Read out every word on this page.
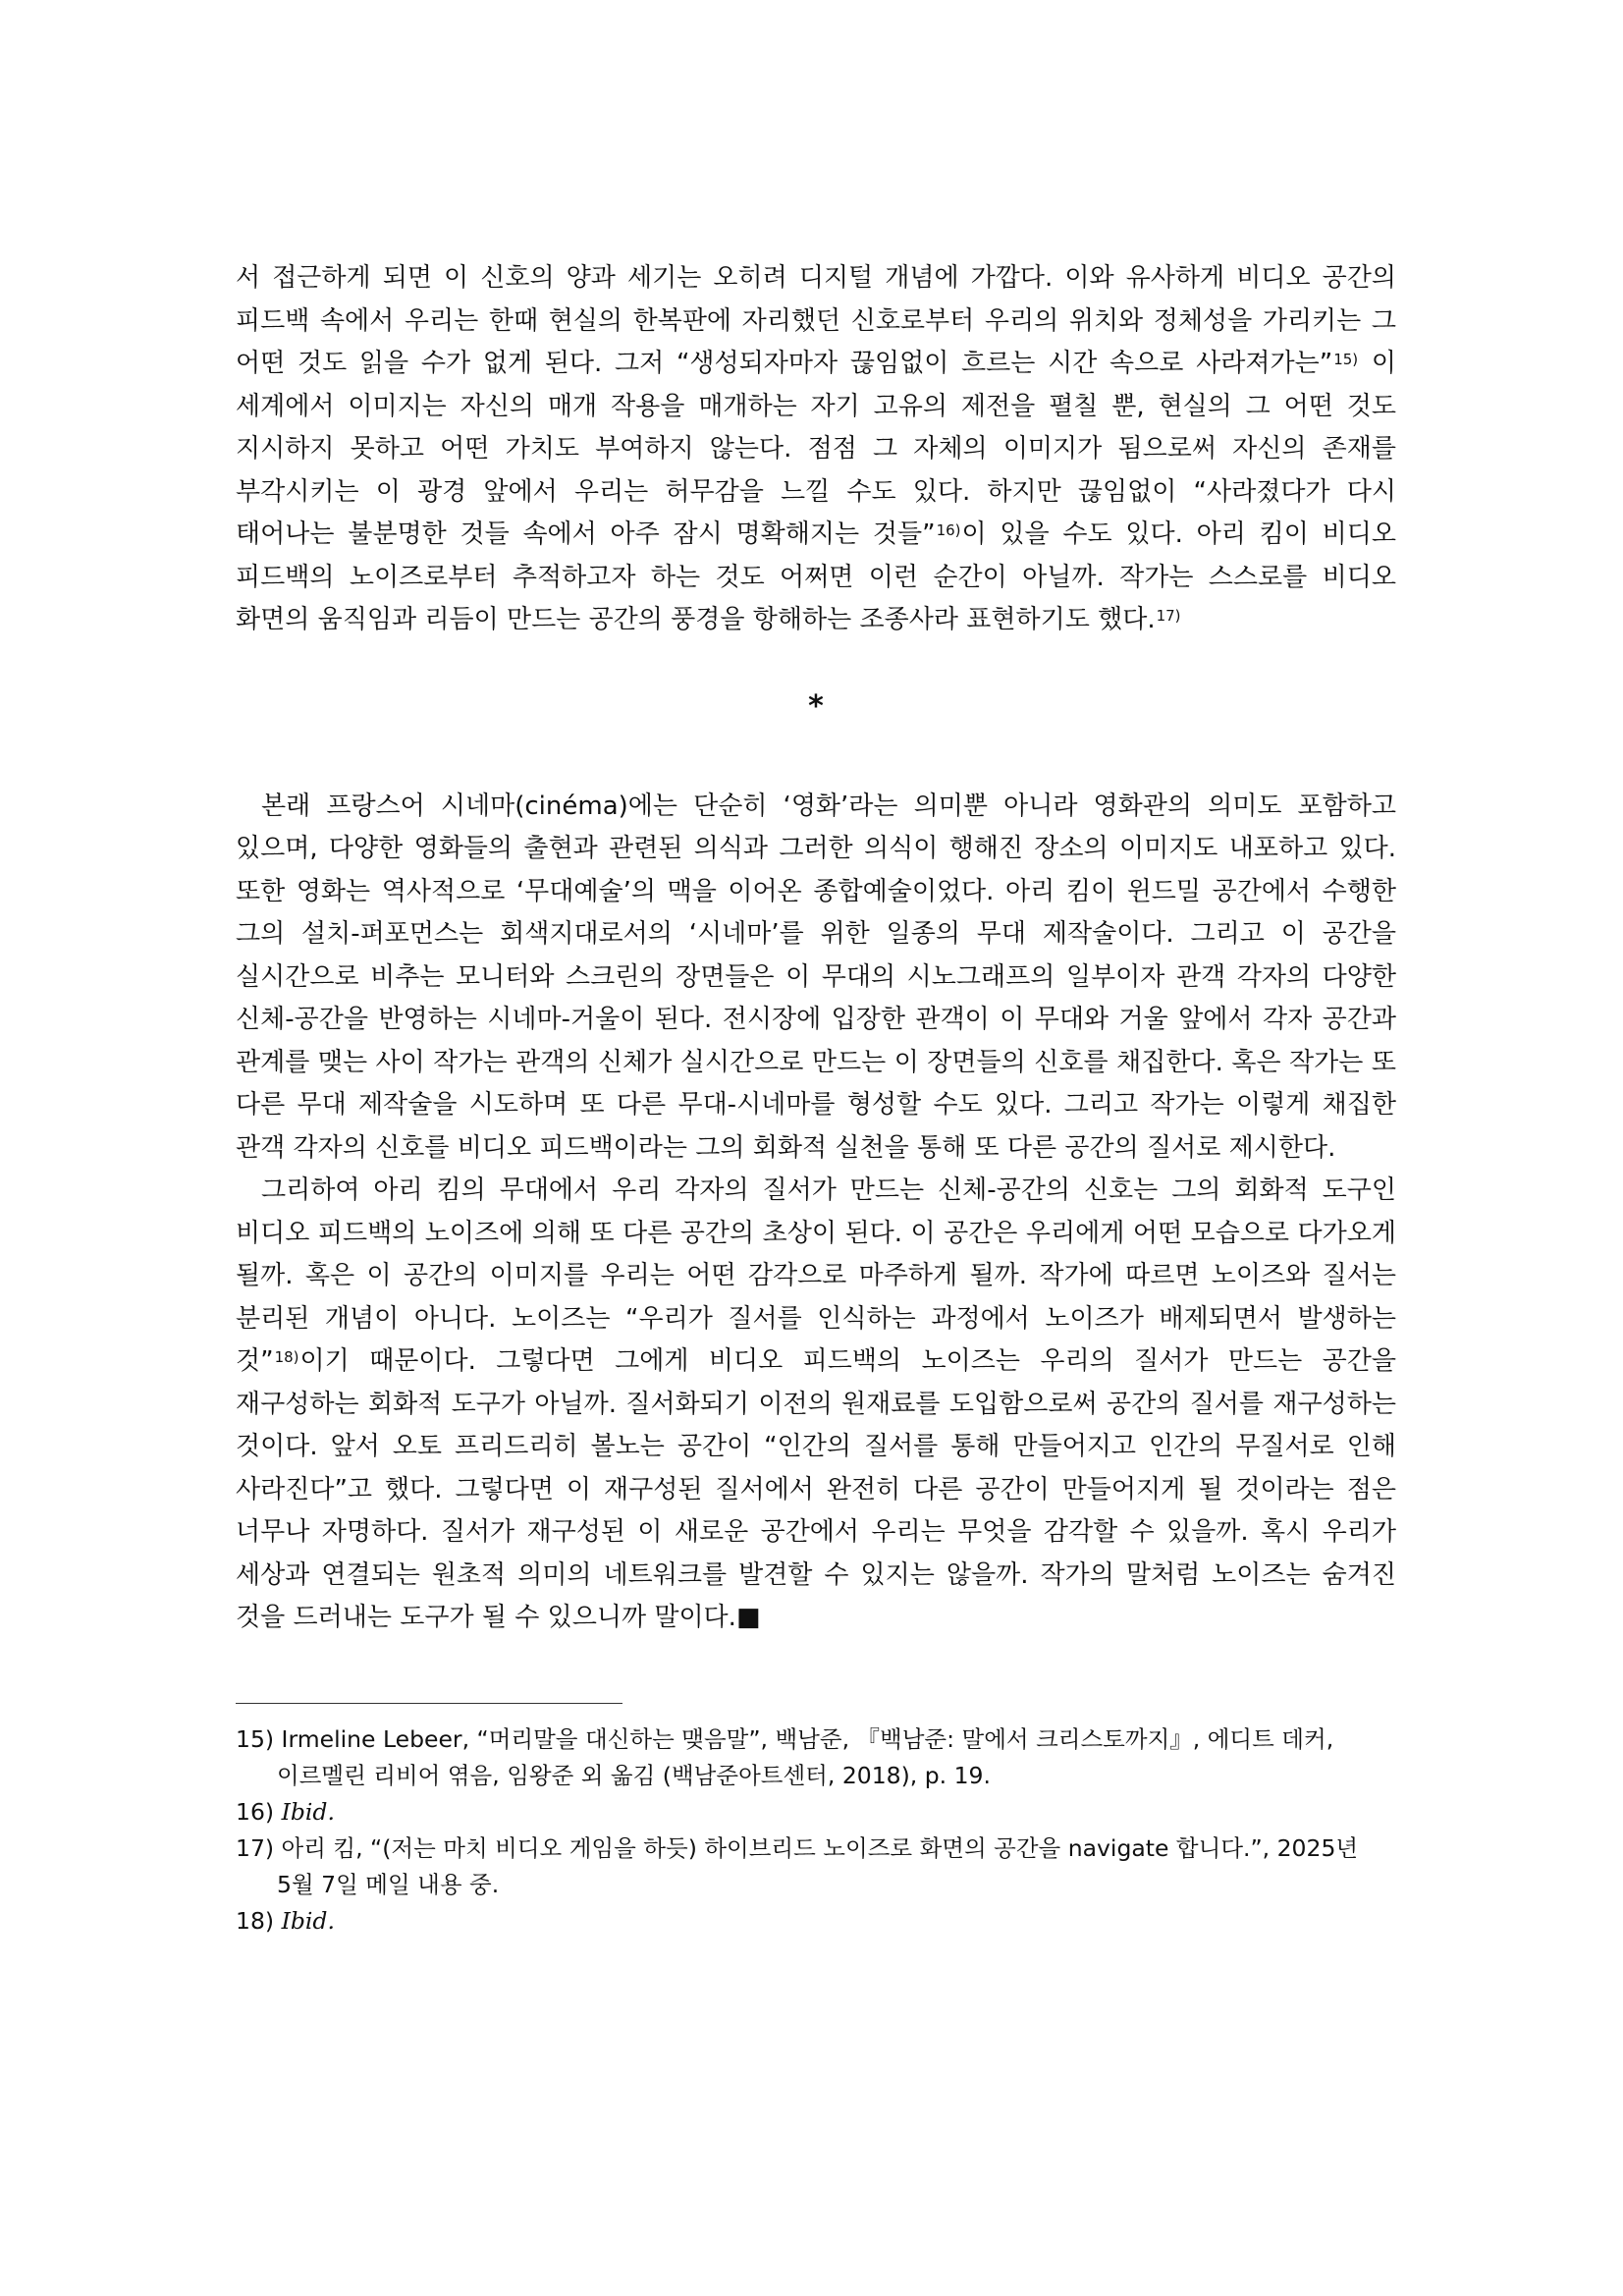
서 접근하게 되면 이 신호의 양과 세기는 오히려 디지털 개념에 가깝다. 이와 유사하게 비디오 공간의 피드백 속에서 우리는 한때 현실의 한복판에 자리했던 신호로부터 우리의 위치와 정체성을 가리키는 그 어떤 것도 읽을 수가 없게 된다. 그저 “생성되자마자 끊임없이 흐르는 시간 속으로 사라져가는”$^{15)}$ 이 세계에서 이미지는 자신의 매개 작용을 매개하는 자기 고유의 제전을 펼칠 뿐, 현실의 그 어떤 것도 지시하지 못하고 어떤 가치도 부여하지 않는다. 점점 그 자체의 이미지가 됨으로써 자신의 존재를 부각시키는 이 광경 앞에서 우리는 허무감을 느낄 수도 있다. 하지만 끊임없이 “사라졌다가 다시 태어나는 불분명한 것들 속에서 아주 잠시 명확해지는 것들”$^{16)}$이 있을 수도 있다. 아리 킴이 비디오 피드백의 노이즈로부터 추적하고자 하는 것도 어쩌면 이런 순간이 아닐까. 작가는 스스로를 비디오 화면의 움직임과 리듬이 만드는 공간의 풍경을 항해하는 조종사라 표현하기도 했다.$^{17)}$

*

본래 프랑스어 시네마(cinéma)에는 단순히 ‘영화’라는 의미뿐 아니라 영화관의 의미도 포함하고 있으며, 다양한 영화들의 출현과 관련된 의식과 그러한 의식이 행해진 장소의 이미지도 내포하고 있다. 또한 영화는 역사적으로 ‘무대예술’의 맥을 이어온 종합예술이었다. 아리 킴이 윈드밀 공간에서 수행한 그의 설치-퍼포먼스는 회색지대로서의 ‘시네마’를 위한 일종의 무대 제작술이다. 그리고 이 공간을 실시간으로 비추는 모니터와 스크린의 장면들은 이 무대의 시노그래프의 일부이자 관객 각자의 다양한 신체-공간을 반영하는 시네마-거울이 된다. 전시장에 입장한 관객이 이 무대와 거울 앞에서 각자 공간과 관계를 맺는 사이 작가는 관객의 신체가 실시간으로 만드는 이 장면들의 신호를 채집한다. 혹은 작가는 또 다른 무대 제작술을 시도하며 또 다른 무대-시네마를 형성할 수도 있다. 그리고 작가는 이렇게 채집한 관객 각자의 신호를 비디오 피드백이라는 그의 회화적 실천을 통해 또 다른 공간의 질서로 제시한다.

그리하여 아리 킴의 무대에서 우리 각자의 질서가 만드는 신체-공간의 신호는 그의 회화적 도구인 비디오 피드백의 노이즈에 의해 또 다른 공간의 초상이 된다. 이 공간은 우리에게 어떤 모습으로 다가오게 될까. 혹은 이 공간의 이미지를 우리는 어떤 감각으로 마주하게 될까. 작가에 따르면 노이즈와 질서는 분리된 개념이 아니다. 노이즈는 “우리가 질서를 인식하는 과정에서 노이즈가 배제되면서 발생하는 것”$^{18)}$이기 때문이다. 그렇다면 그에게 비디오 피드백의 노이즈는 우리의 질서가 만드는 공간을 재구성하는 회화적 도구가 아닐까. 질서화되기 이전의 원재료를 도입함으로써 공간의 질서를 재구성하는 것이다. 앞서 오토 프리드리히 볼노는 공간이 “인간의 질서를 통해 만들어지고 인간의 무질서로 인해 사라진다”고 했다. 그렇다면 이 재구성된 질서에서 완전히 다른 공간이 만들어지게 될 것이라는 점은 너무나 자명하다. 질서가 재구성된 이 새로운 공간에서 우리는 무엇을 감각할 수 있을까. 혹시 우리가 세상과 연결되는 원초적 의미의 네트워크를 발견할 수 있지는 않을까. 작가의 말처럼 노이즈는 숨겨진 것을 드러내는 도구가 될 수 있으니까 말이다.■

15) Irmeline Lebeer, “머리말을 대신하는 맺음말”, 백남준, 『백남준: 말에서 크리스토까지』, 에디트 데커, 이르멜린 리비어 엮음, 임왕준 외 옮김 (백남준아트센터, 2018), p. 19.

16) Ibid.

17) 아리 킴, “(저는 마치 비디오 게임을 하듯) 하이브리드 노이즈로 화면의 공간을 navigate 합니다.”, 2025년 5월 7일 메일 내용 중.

18) Ibid.
